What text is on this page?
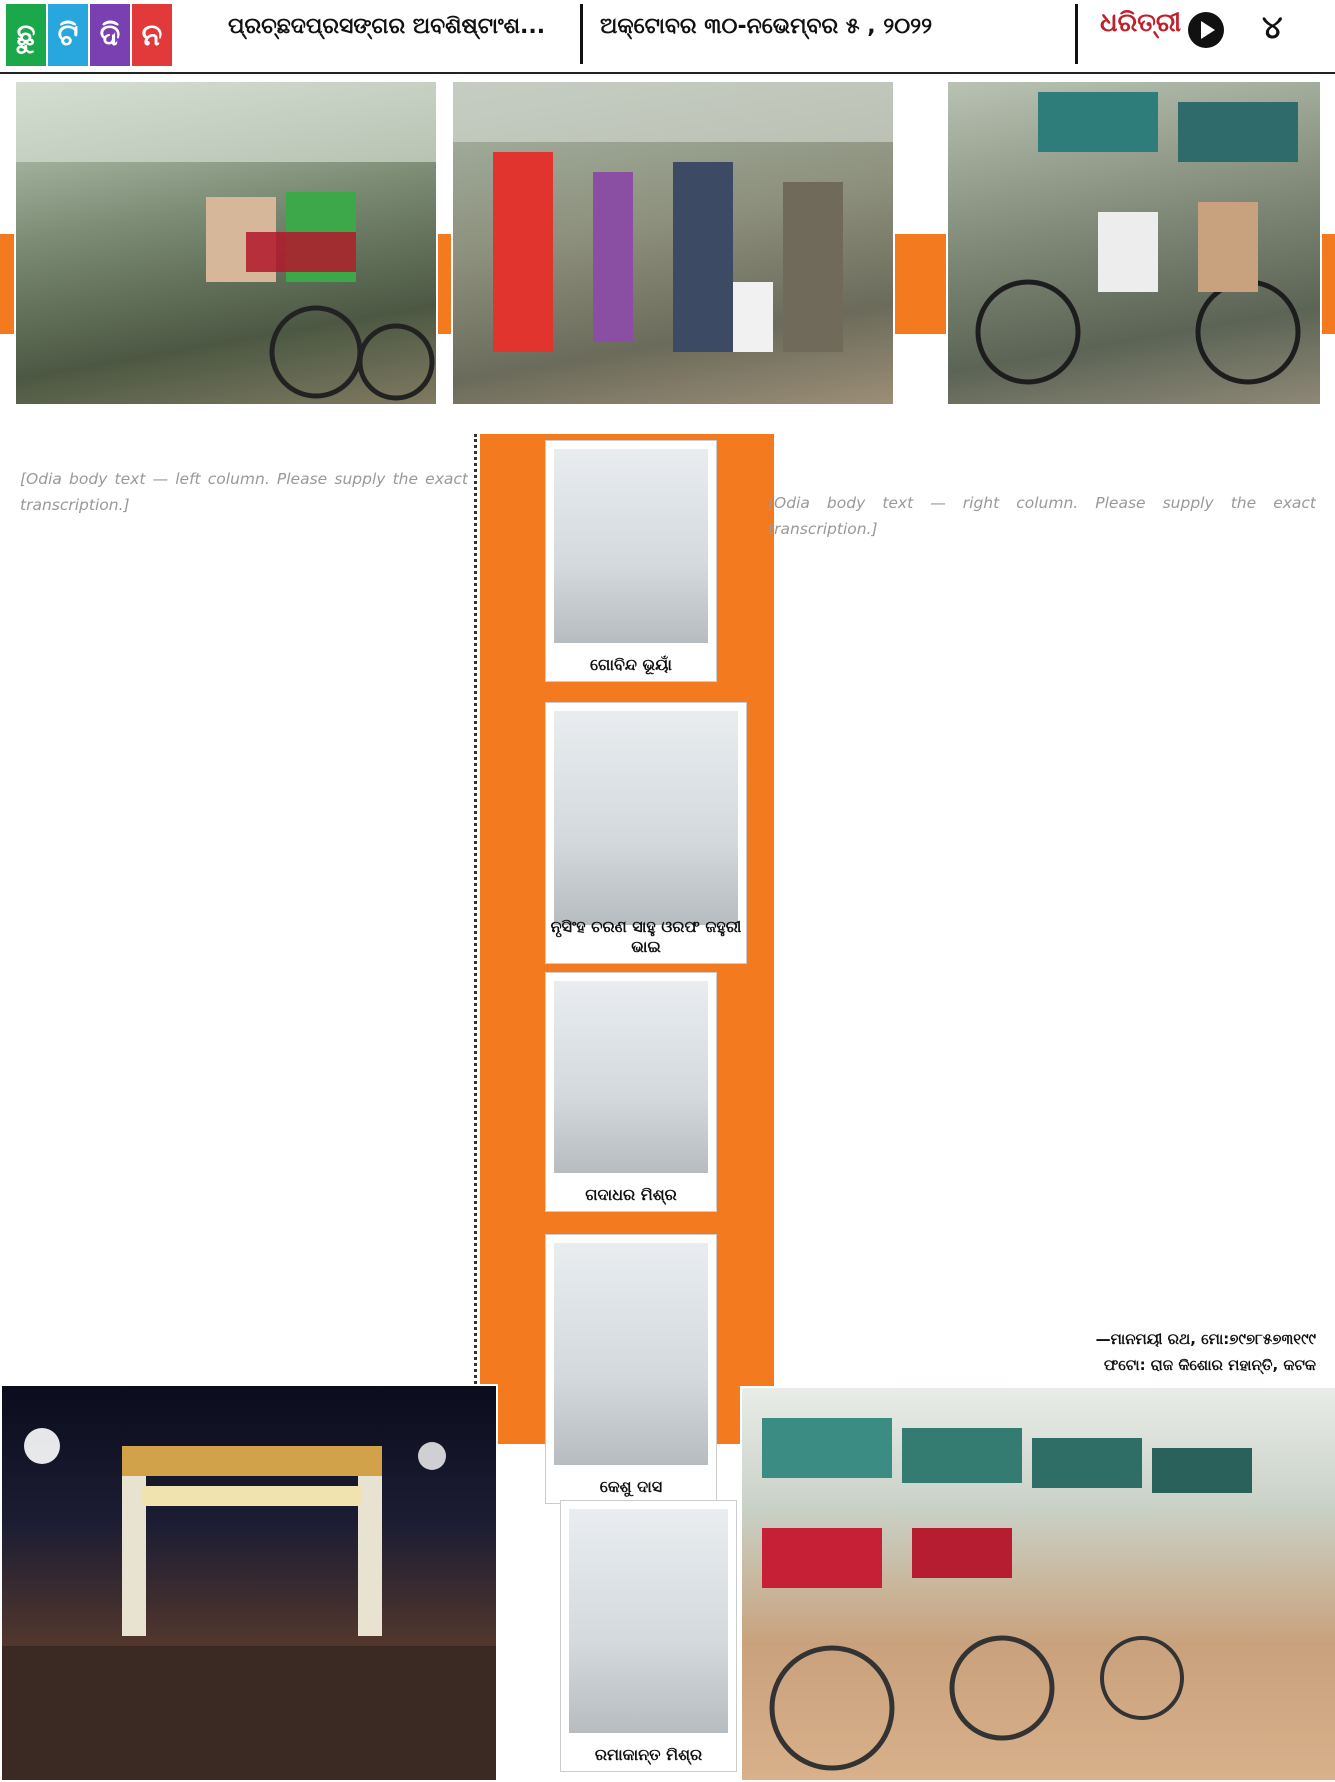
ଛୁ ଟି ଦି ନ	ପ୍ରଚ୍ଛଦପ୍ରସଙ୍ଗର ଅବଶିଷ୍ଟାଂଶ... ଅକ୍ଟୋବର ୩୦-ନଭେମ୍ବର ୫ , ୨୦୨୨	ଧରିତ୍ରୀ	୪
ଗୋବିନ୍ଦ ଭୂୟାଁ
ନୃସିଂହ ଚରଣ ସାହୁ ଓରଫ ଜହୁରୀ ଭାଇ
ଗଦାଧର ମିଶ୍ର
କେଶୁ ଦାସ
ରମାକାନ୍ତ ମିଶ୍ର
[Odia body text — left column. Please supply the exact transcription.]	[Odia body text — right column. Please supply the exact transcription.]
—ମାନମୟୀ ରଥ, ମୋ:୭୯୭୮୫୭୩୧୯୯
ଫଟୋ: ରାଜ କିଶୋର ମହାନ୍ତି, କଟକ
